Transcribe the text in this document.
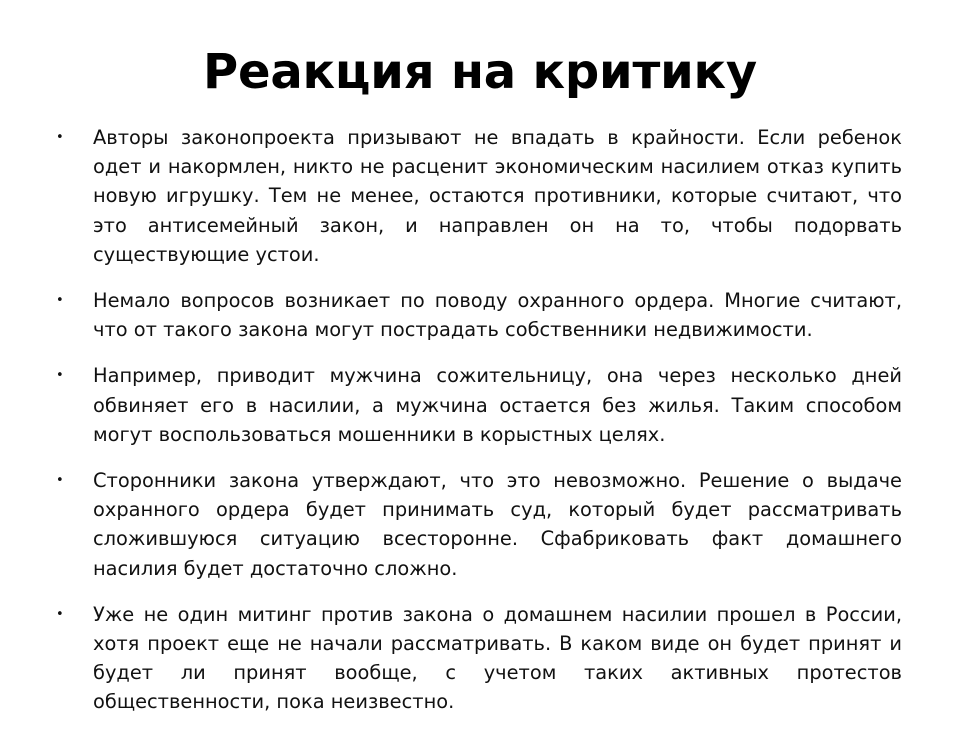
Реакция на критику
•	Авторы законопроекта призывают не впадать в крайности. Если ребенок одет и накормлен, никто не расценит экономическим насилием отказ купить новую игрушку. Тем не менее, остаются противники, которые считают, что это антисемейный закон, и направлен он на то, чтобы подорвать существующие устои.
•	Немало вопросов возникает по поводу охранного ордера. Многие считают, что от такого закона могут пострадать собственники недвижимости.
•	Например, приводит мужчина сожительницу, она через несколько дней обвиняет его в насилии, а мужчина остается без жилья. Таким способом могут воспользоваться мошенники в корыстных целях.
•	Сторонники закона утверждают, что это невозможно. Решение о выдаче охранного ордера будет принимать суд, который будет рассматривать сложившуюся ситуацию всесторонне. Сфабриковать факт домашнего насилия будет достаточно сложно.
•	Уже не один митинг против закона о домашнем насилии прошел в России, хотя проект еще не начали рассматривать. В каком виде он будет принят и будет ли принят вообще, с учетом таких активных протестов общественности, пока неизвестно.
